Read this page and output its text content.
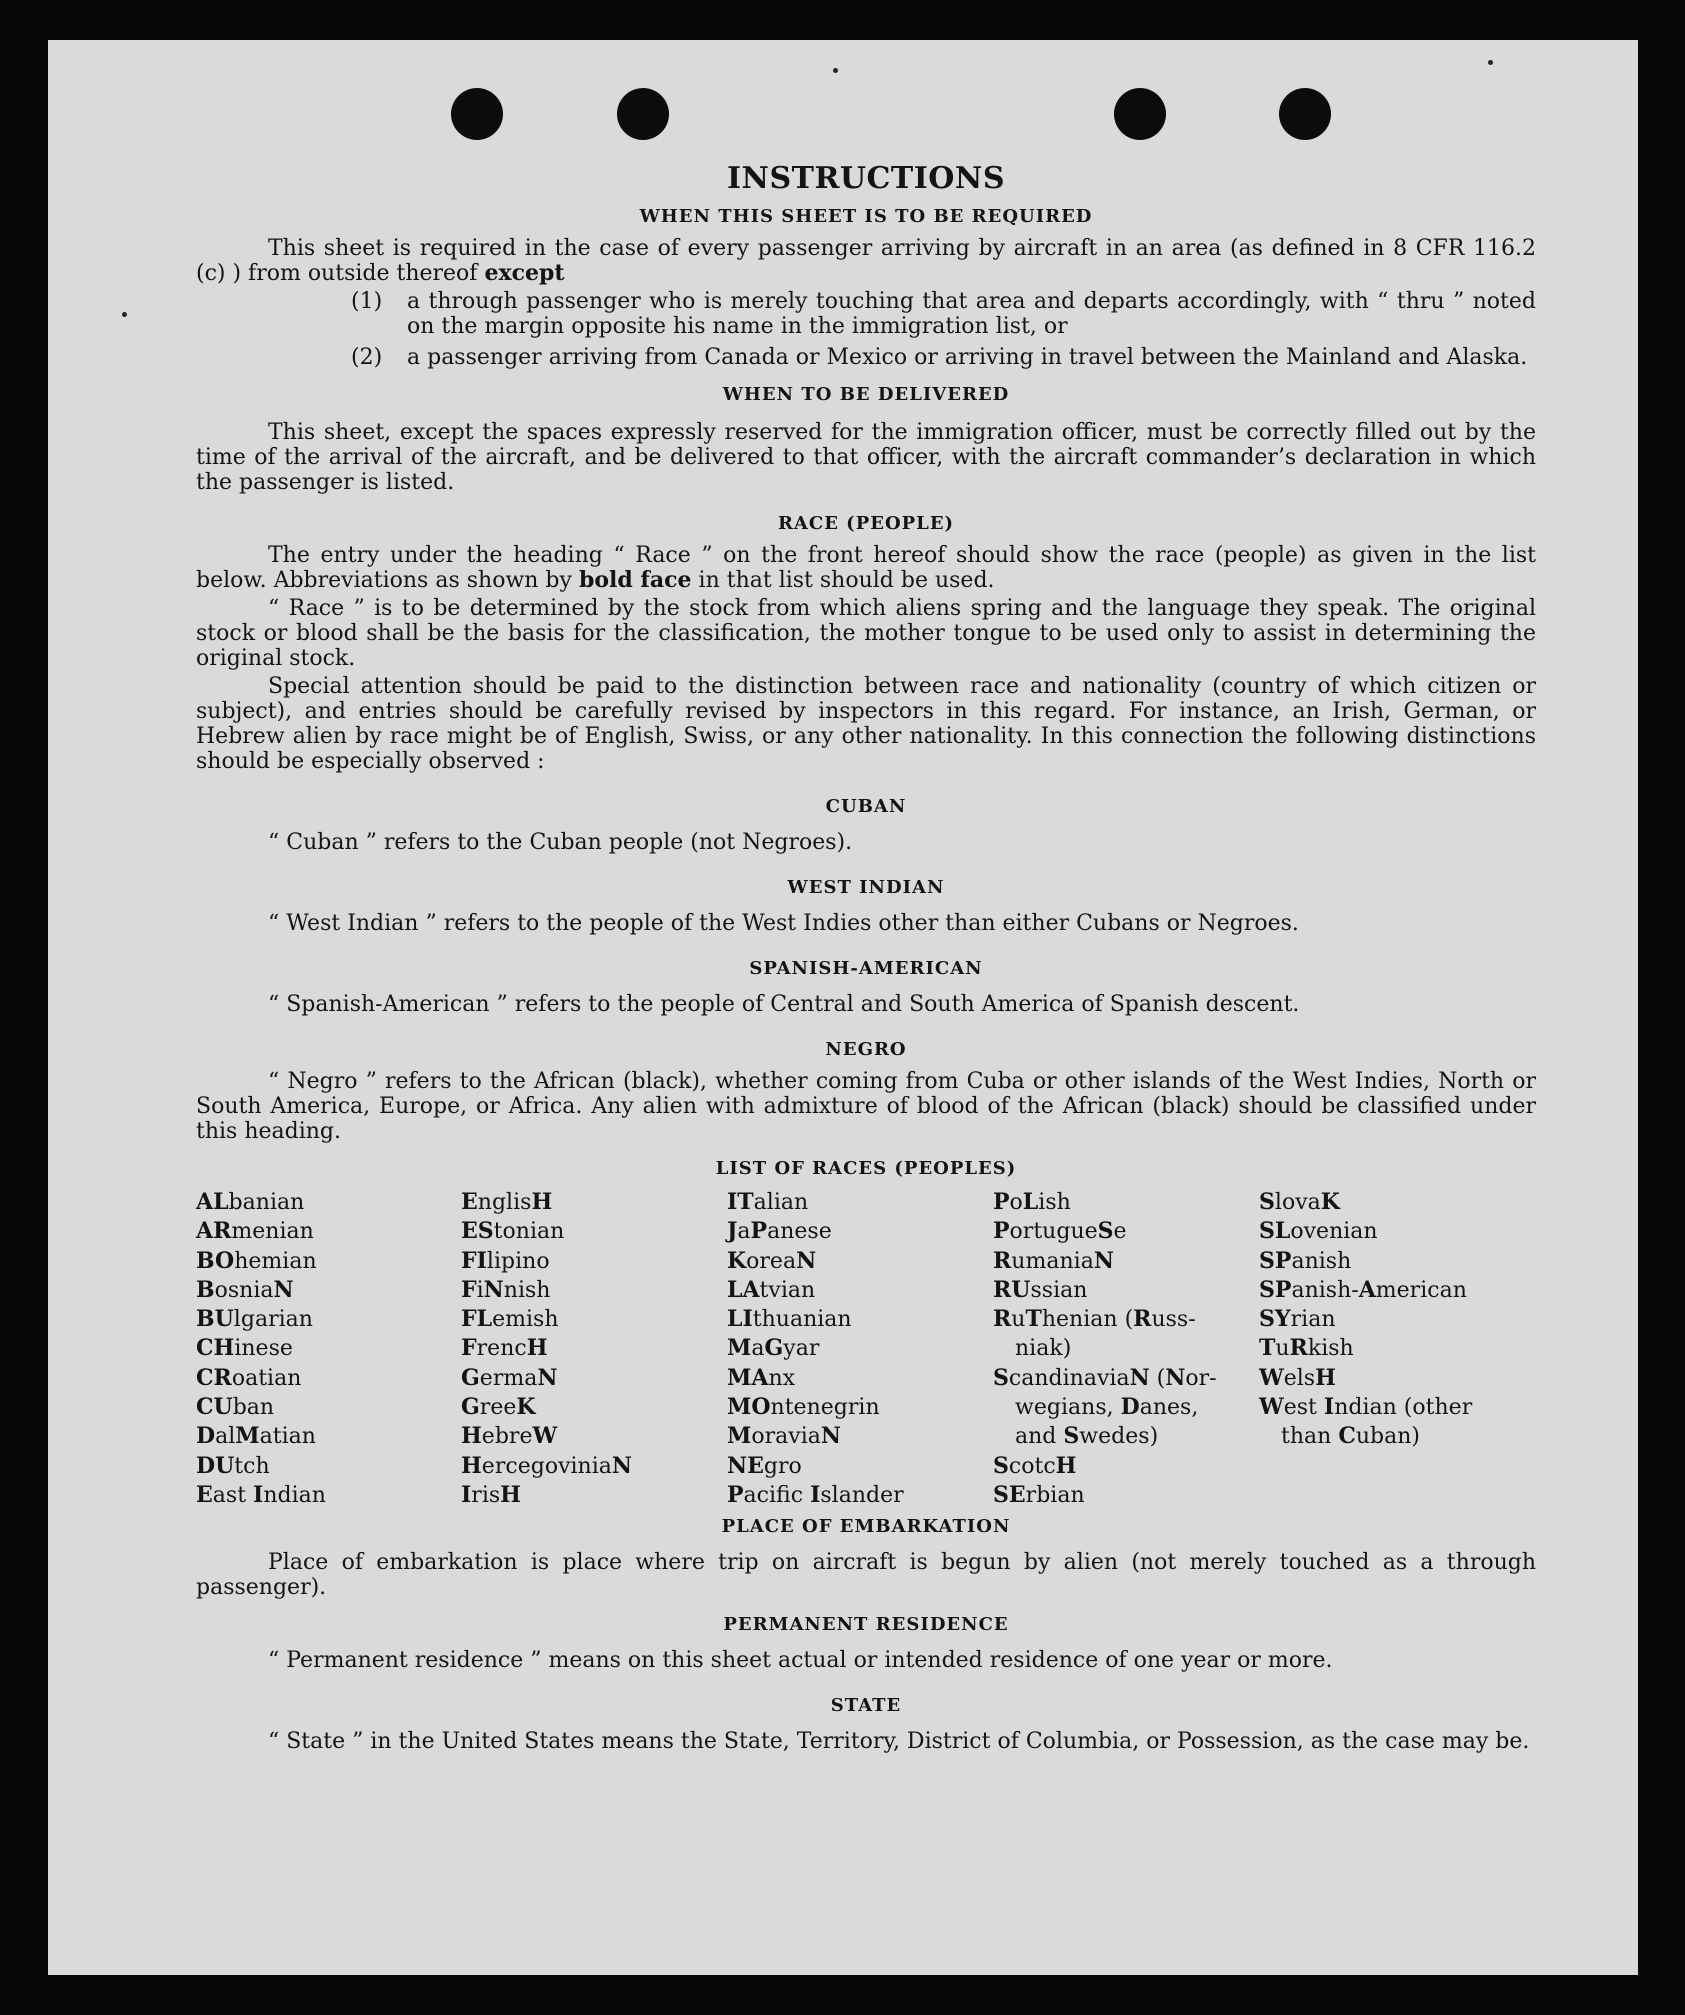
INSTRUCTIONS
WHEN THIS SHEET IS TO BE REQUIRED

This sheet is required in the case of every passenger arriving by aircraft in an area (as defined in 8 CFR 116.2 (c) ) from outside thereof except

(1) a through passenger who is merely touching that area and departs accordingly, with “ thru ” noted on the margin opposite his name in the immigration list, or
(2) a passenger arriving from Canada or Mexico or arriving in travel between the Mainland and Alaska.
WHEN TO BE DELIVERED

This sheet, except the spaces expressly reserved for the immigration officer, must be correctly filled out by the time of the arrival of the aircraft, and be delivered to that officer, with the aircraft commander’s declaration in which the passenger is listed.

RACE (PEOPLE)

The entry under the heading “ Race ” on the front hereof should show the race (people) as given in the list below. Abbreviations as shown by bold face in that list should be used.

“ Race ” is to be determined by the stock from which aliens spring and the language they speak. The original stock or blood shall be the basis for the classification, the mother tongue to be used only to assist in determining the original stock.

Special attention should be paid to the distinction between race and nationality (country of which citizen or subject), and entries should be carefully revised by inspectors in this regard. For instance, an Irish, German, or Hebrew alien by race might be of English, Swiss, or any other nationality. In this connection the following distinctions should be especially observed :

CUBAN

“ Cuban ” refers to the Cuban people (not Negroes).

WEST INDIAN

“ West Indian ” refers to the people of the West Indies other than either Cubans or Negroes.

SPANISH-AMERICAN

“ Spanish-American ” refers to the people of Central and South America of Spanish descent.

NEGRO

“ Negro ” refers to the African (black), whether coming from Cuba or other islands of the West Indies, North or South America, Europe, or Africa. Any alien with admixture of blood of the African (black) should be classified under this heading.

LIST OF RACES (PEOPLES)
ALbanian
ARmenian
BOhemian
BosniaN
BUlgarian
CHinese
CRoatian
CUban
DalMatian
DUtch
East Indian
EnglisH
EStonian
FIlipino
FiNnish
FLemish
FrencH
GermaN
GreeK
HebreW
HercegoviniaN
IrisH
ITalian
JaPanese
KoreaN
LAtvian
LIthuanian
MaGyar
MAnx
MOntenegrin
MoraviaN
NEgro
Pacifc Islander
PoLish
PortugueSe
RumaniaN
RUssian
RuThenian (Russ-
niak)
ScandinaviaN (Nor-
wegians, Danes,
and Swedes)
ScotcH
SErbian
SlovaK
SLovenian
SPanish
SPanish-American
SYrian
TuRkish
WelsH
West Indian (other
than Cuban)
PLACE OF EMBARKATION

Place of embarkation is place where trip on aircraft is begun by alien (not merely touched as a through passenger).

PERMANENT RESIDENCE

“ Permanent residence ” means on this sheet actual or intended residence of one year or more.

STATE

“ State ” in the United States means the State, Territory, District of Columbia, or Possession, as the case may be.
